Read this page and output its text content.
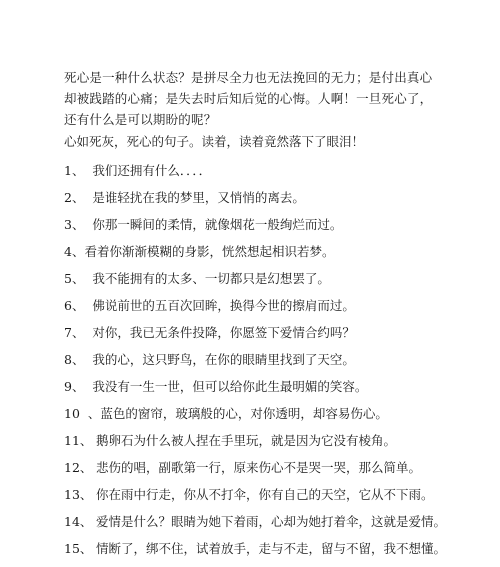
死心是一种什么状态？是拼尽全力也无法挽回的无力；是付出真心却被践踏的心痛；是失去时后知后觉的心悔。人啊！一旦死心了，还有什么是可以期盼的呢？

心如死灰，死心的句子。读着，读着竟然落下了眼泪！

1、 我们还拥有什么．．．．
2、 是谁轻扰在我的梦里，又悄悄的离去。
3、 你那一瞬间的柔情，就像烟花一般绚烂而过。
4、看着你渐渐模糊的身影，恍然想起相识若梦。
5、 我不能拥有的太多、一切都只是幻想罢了。
6、 佛说前世的五百次回眸，换得今世的擦肩而过。
7、 对你，我已无条件投降，你愿签下爱情合约吗？
8、 我的心，这只野鸟，在你的眼睛里找到了天空。
9、 我没有一生一世，但可以给你此生最明媚的笑容。
10 、蓝色的窗帘，玻璃般的心，对你透明，却容易伤心。
11、 鹅卵石为什么被人捏在手里玩，就是因为它没有棱角。
12、 悲伤的唱，副歌第一行，原来伤心不是哭一哭，那么简单。
13、 你在雨中行走，你从不打伞，你有自己的天空，它从不下雨。
14、 爱情是什么？眼睛为她下着雨，心却为她打着伞，这就是爱情。
15、 情断了，绑不住，试着放手，走与不走，留与不留，我不想懂。
